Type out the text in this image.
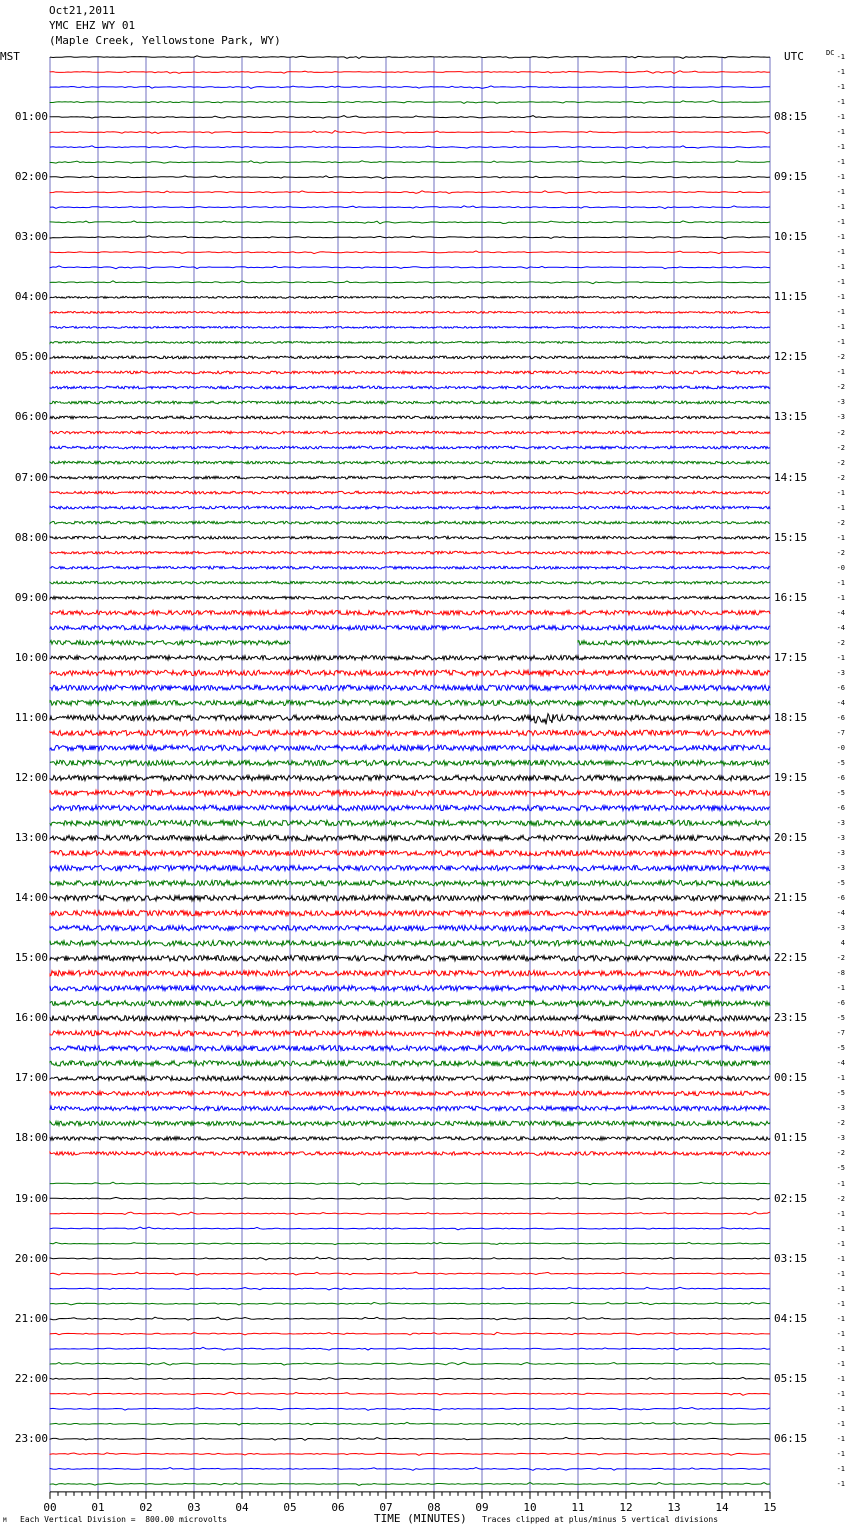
Oct21,2011
YMC EHZ WY 01
(Maple Creek, Yellowstone Park, WY)
MST	UTC	DC
00	01	02	03	04	05	06	07	08	09	10	11	12	13	14	15
01:00
02:00
03:00
04:00
05:00
06:00
07:00
08:00
09:00
10:00
11:00
12:00
13:00
14:00
15:00
16:00
17:00
18:00
19:00
20:00
21:00
22:00
23:00
08:15
09:15
10:15
11:15
12:15
13:15
14:15
15:15
16:15
17:15
18:15
19:15
20:15
21:15
22:15
23:15
00:15
01:15
02:15
03:15
04:15
05:15
06:15
-1
-1
-1
-1
-1
-1
-1
-1
-1
-1
-1
-1
-1
-1
-1
-1
-1
-1
-1
-1
-2
-1
-2
-3
-3
-2
-2
-2
-2
-1
-1
-2
-1
-2
-0
-1
-1
-4
-4
-2
-1
-3
-6
-4
-6
-7
-0
-5
-6
-5
-6
-3
-3
-3
-3
-5
-6
-4
-3
4
-2
-8
-1
-6
-5
-7
-5
-4
-1
-5
-3
-2
-3
-2
-5
-1
-2
-1
-1
-1
-1
-1
-1
-1
-1
-1
-1
-1
-1
-1
-1
-1
-1
-1
-1
-1
M Each Vertical Division =  800.00 microvolts	TIME (MINUTES) Traces clipped at plus/minus 5 vertical divisions
